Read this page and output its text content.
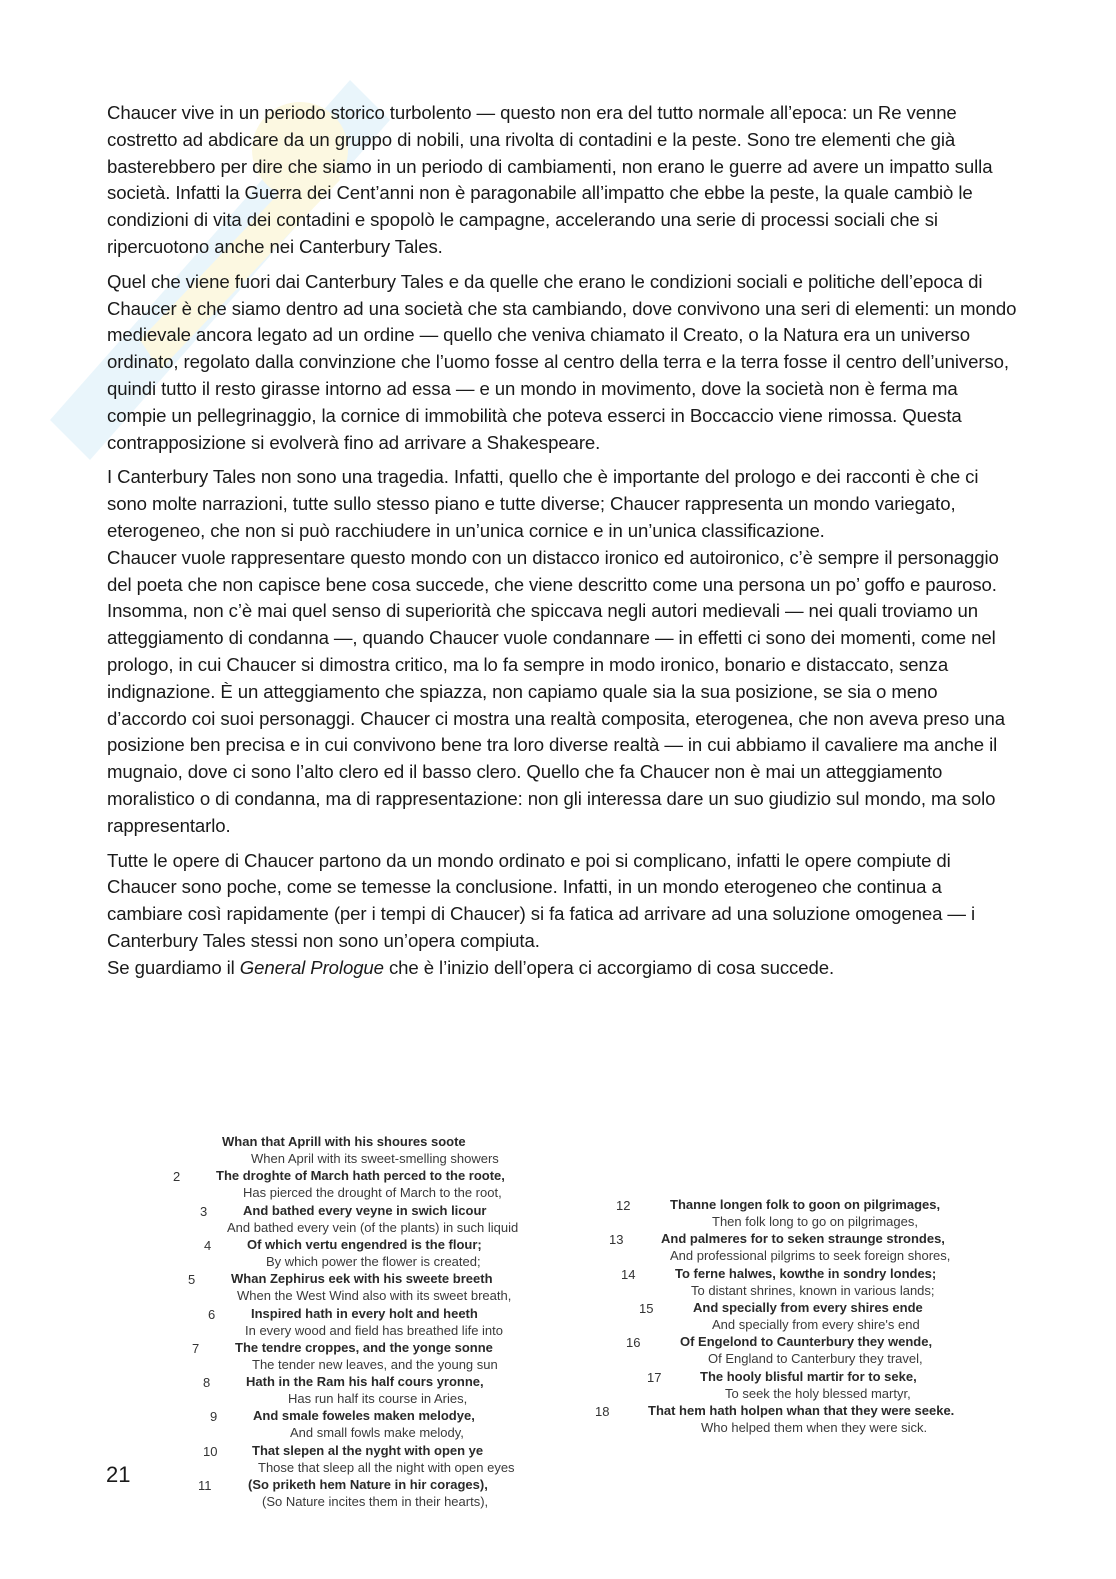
Chaucer vive in un periodo storico turbolento — questo non era del tutto normale all’epoca: un Re venne costretto ad abdicare da un gruppo di nobili, una rivolta di contadini e la peste. Sono tre elementi che già basterebbero per dire che siamo in un periodo di cambiamenti, non erano le guerre ad avere un impatto sulla società. Infatti la Guerra dei Cent’anni non è paragonabile all’impatto che ebbe la peste, la quale cambiò le condizioni di vita dei contadini e spopolò le campagne, accelerando una serie di processi sociali che si ripercuotono anche nei Canterbury Tales.

Quel che viene fuori dai Canterbury Tales e da quelle che erano le condizioni sociali e politiche dell’epoca di Chaucer è che siamo dentro ad una società che sta cambiando, dove convivono una seri di elementi: un mondo medievale ancora legato ad un ordine — quello che veniva chiamato il Creato, o la Natura era un universo ordinato, regolato dalla convinzione che l’uomo fosse al centro della terra e la terra fosse il centro dell’universo, quindi tutto il resto girasse intorno ad essa — e un mondo in movimento, dove la società non è ferma ma compie un pellegrinaggio, la cornice di immobilità che poteva esserci in Boccaccio viene rimossa. Questa contrapposizione si evolverà fino ad arrivare a Shakespeare.

I Canterbury Tales non sono una tragedia. Infatti, quello che è importante del prologo e dei racconti è che ci sono molte narrazioni, tutte sullo stesso piano e tutte diverse; Chaucer rappresenta un mondo variegato, eterogeneo, che non si può racchiudere in un’unica cornice e in un’unica classificazione.

Chaucer vuole rappresentare questo mondo con un distacco ironico ed autoironico, c’è sempre il personaggio del poeta che non capisce bene cosa succede, che viene descritto come una persona un po’ goffo e pauroso. Insomma, non c’è mai quel senso di superiorità che spiccava negli autori medievali — nei quali troviamo un atteggiamento di condanna —, quando Chaucer vuole condannare — in effetti ci sono dei momenti, come nel prologo, in cui Chaucer si dimostra critico, ma lo fa sempre in modo ironico, bonario e distaccato, senza indignazione. È un atteggiamento che spiazza, non capiamo quale sia la sua posizione, se sia o meno d’accordo coi suoi personaggi. Chaucer ci mostra una realtà composita, eterogenea, che non aveva preso una posizione ben precisa e in cui convivono bene tra loro diverse realtà — in cui abbiamo il cavaliere ma anche il mugnaio, dove ci sono l’alto clero ed il basso clero. Quello che fa Chaucer non è mai un atteggiamento moralistico o di condanna, ma di rappresentazione: non gli interessa dare un suo giudizio sul mondo, ma solo rappresentarlo.

Tutte le opere di Chaucer partono da un mondo ordinato e poi si complicano, infatti le opere compiute di Chaucer sono poche, come se temesse la conclusione. Infatti, in un mondo eterogeneo che continua a cambiare così rapidamente (per i tempi di Chaucer) si fa fatica ad arrivare ad una soluzione omogenea — i Canterbury Tales stessi non sono un’opera compiuta.

Se guardiamo il General Prologue che è l’inizio dell’opera ci accorgiamo di cosa succede.

21
Whan that Aprill with his shoures soote
When April with its sweet-smelling showers
2	The droghte of March hath perced to the roote,
Has pierced the drought of March to the root,
3	And bathed every veyne in swich licour
And bathed every vein (of the plants) in such liquid
4	Of which vertu engendred is the flour;
By which power the flower is created;
5	Whan Zephirus eek with his sweete breeth
When the West Wind also with its sweet breath,
6	Inspired hath in every holt and heeth
In every wood and field has breathed life into
7	The tendre croppes, and the yonge sonne
The tender new leaves, and the young sun
8	Hath in the Ram his half cours yronne,
Has run half its course in Aries,
9	And smale foweles maken melodye,
And small fowls make melody,
10	That slepen al the nyght with open ye
Those that sleep all the night with open eyes
11	(So priketh hem Nature in hir corages),
(So Nature incites them in their hearts),
12	Thanne longen folk to goon on pilgrimages,
Then folk long to go on pilgrimages,
13	And palmeres for to seken straunge strondes,
And professional pilgrims to seek foreign shores,
14	To ferne halwes, kowthe in sondry londes;
To distant shrines, known in various lands;
15	And specially from every shires ende
And specially from every shire's end
16	Of Engelond to Caunterbury they wende,
Of England to Canterbury they travel,
17	The hooly blisful martir for to seke,
To seek the holy blessed martyr,
18	That hem hath holpen whan that they were seeke.
Who helped them when they were sick.
